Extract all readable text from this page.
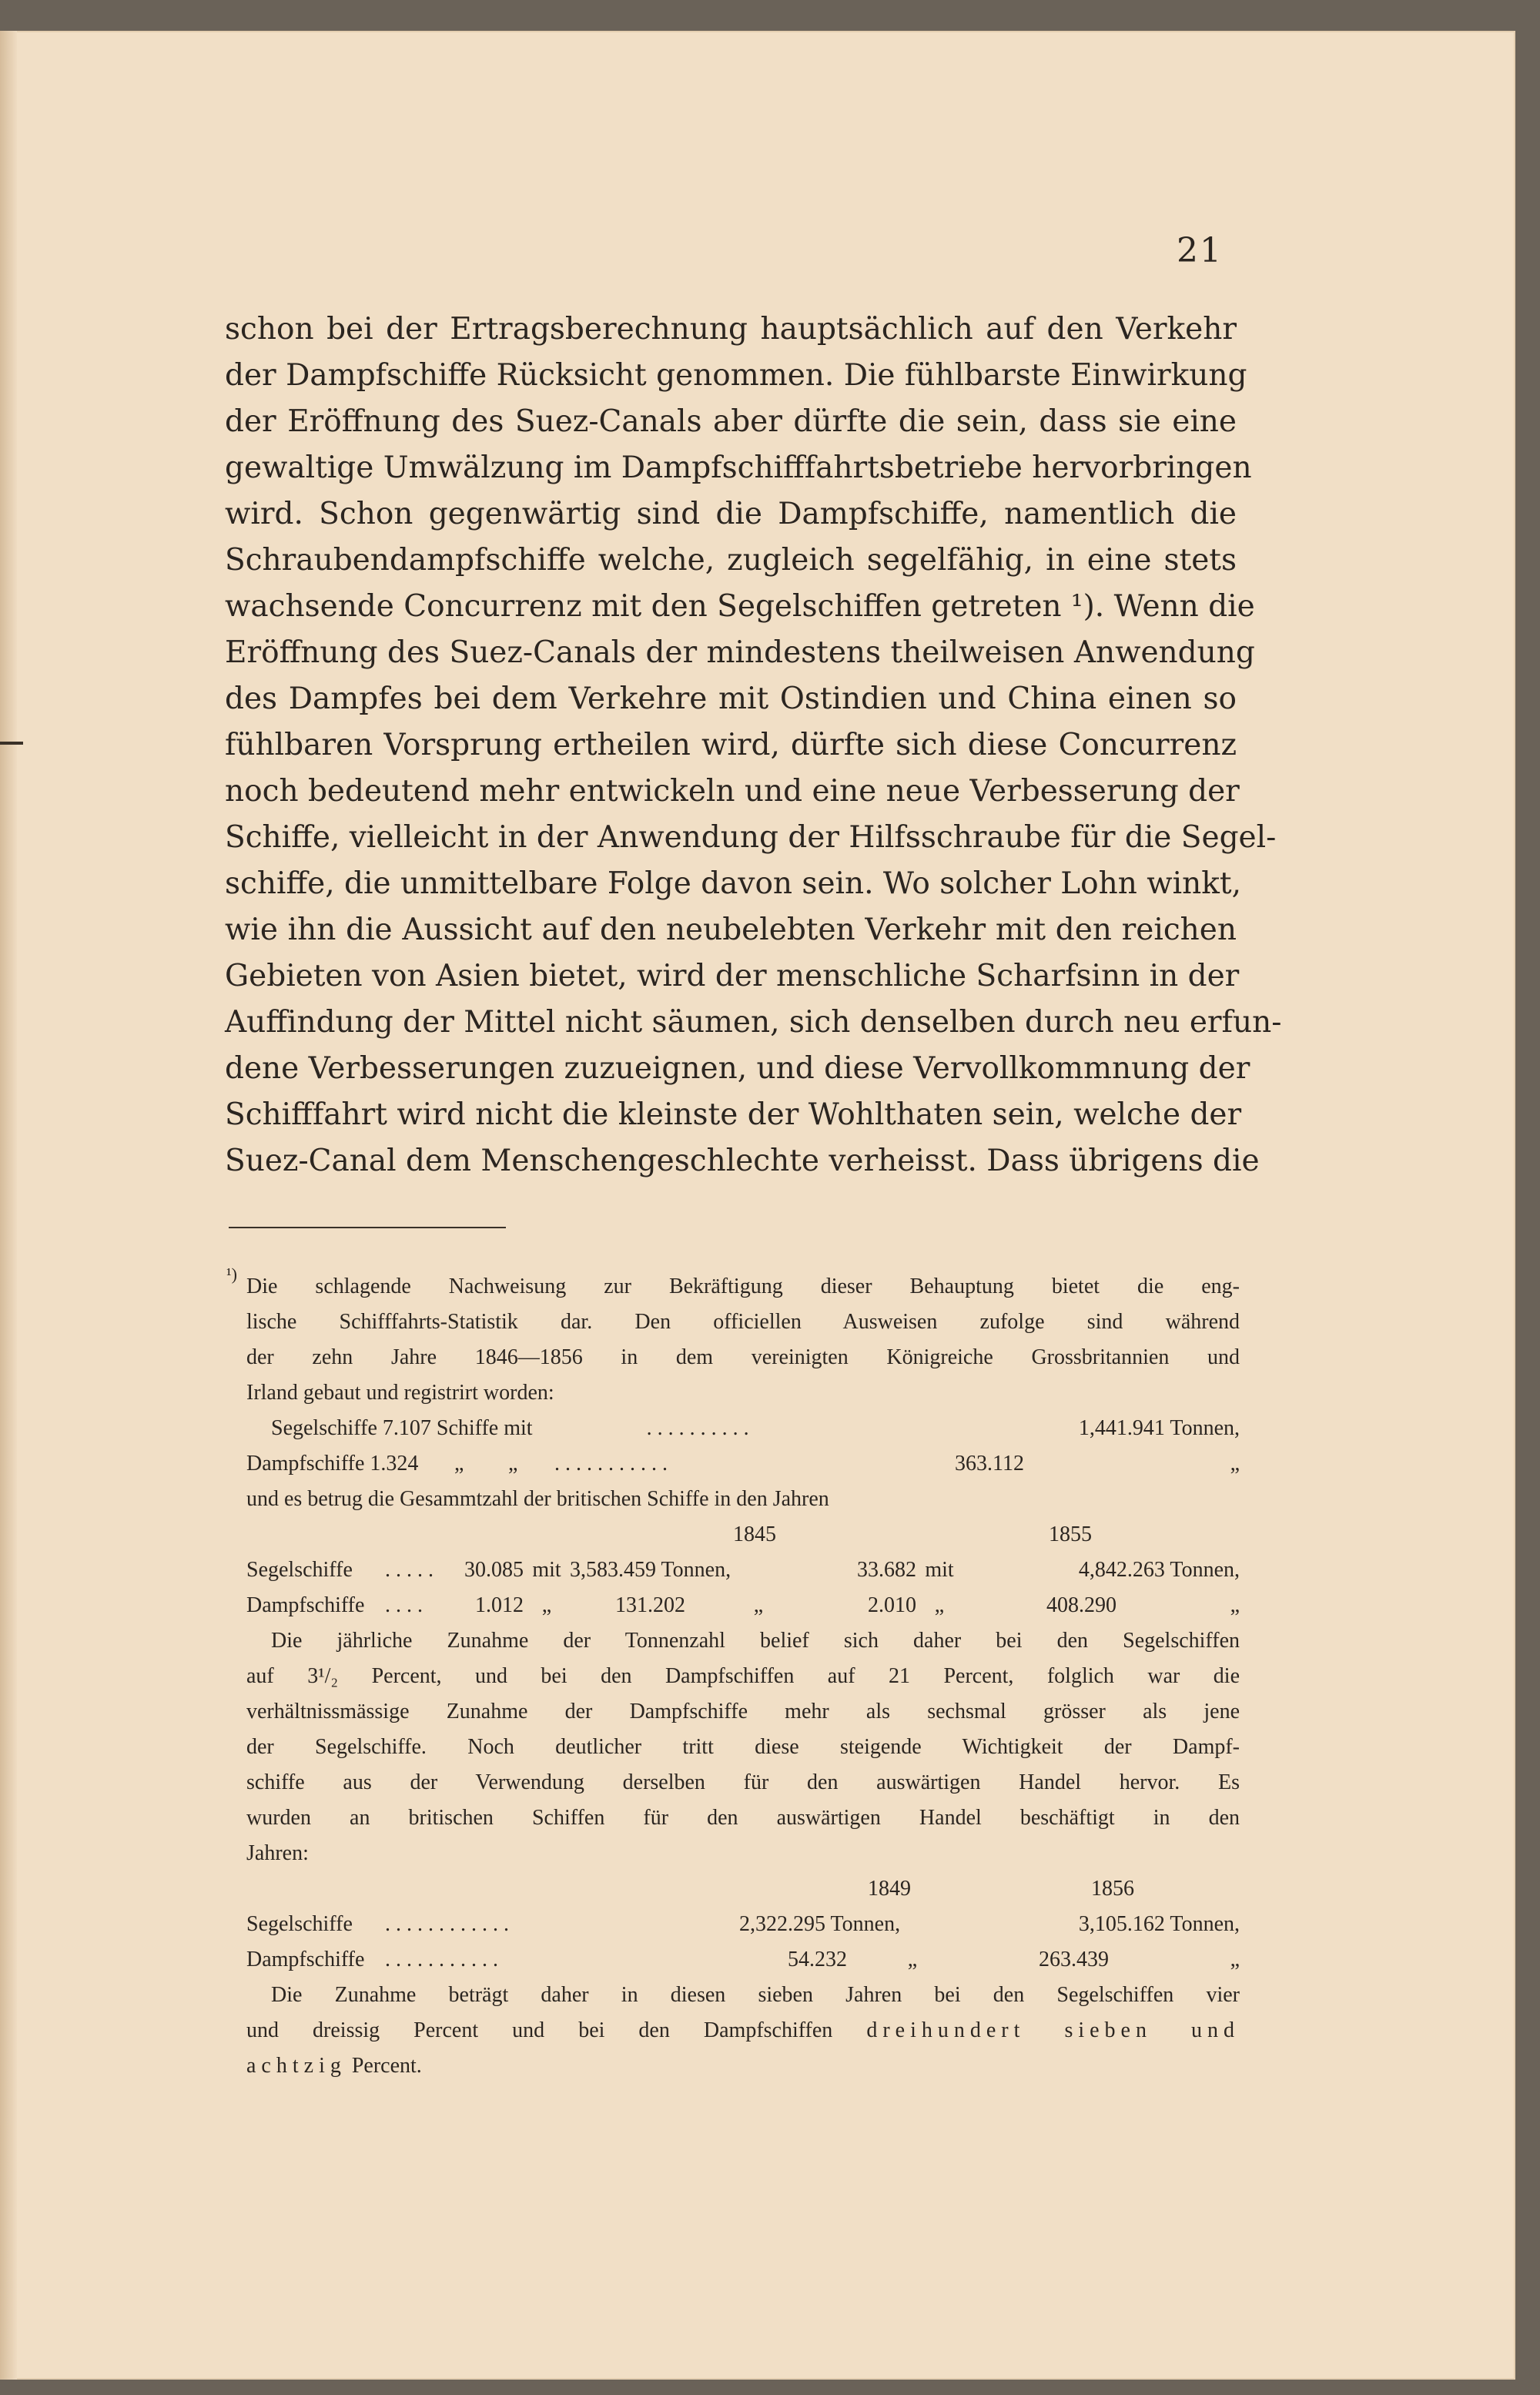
21
schon bei der Ertragsberechnung hauptsächlich auf den Verkehr
der Dampfschiffe Rücksicht genommen. Die fühlbarste Einwirkung
der Eröffnung des Suez-Canals aber dürfte die sein, dass sie eine
gewaltige Umwälzung im Dampfschifffahrtsbetriebe hervorbringen
wird. Schon gegenwärtig sind die Dampfschiffe, namentlich die
Schraubendampfschiffe welche, zugleich segelfähig, in eine stets
wachsende Concurrenz mit den Segelschiffen getreten ¹). Wenn die
Eröffnung des Suez-Canals der mindestens theilweisen Anwendung
des Dampfes bei dem Verkehre mit Ostindien und China einen so
fühlbaren Vorsprung ertheilen wird, dürfte sich diese Concurrenz
noch bedeutend mehr entwickeln und eine neue Verbesserung der
Schiffe, vielleicht in der Anwendung der Hilfsschraube für die Segel-
schiffe, die unmittelbare Folge davon sein. Wo solcher Lohn winkt,
wie ihn die Aussicht auf den neubelebten Verkehr mit den reichen
Gebieten von Asien bietet, wird der menschliche Scharfsinn in der
Auffindung der Mittel nicht säumen, sich denselben durch neu erfun-
dene Verbesserungen zuzueignen, und diese Vervollkommnung der
Schifffahrt wird nicht die kleinste der Wohlthaten sein, welche der
Suez-Canal dem Menschengeschlechte verheisst. Dass übrigens die
¹)
Die schlagende Nachweisung zur Bekräftigung dieser Behauptung bietet die eng-
lische Schifffahrts-Statistik dar. Den officiellen Ausweisen zufolge sind während
der zehn Jahre 1846—1856 in dem vereinigten Königreiche Grossbritannien und
Irland gebaut und registrirt worden:
Segelschiffe 7.107 Schiffe mit	. . . . . . . . . .	1,441.941 Tonnen,
Dampfschiffe 1.324	„	„	. . . . . . . . . . .	363.112	„
und es betrug die Gesammtzahl der britischen Schiffe in den Jahren
1845	1855
Segelschiffe	. . . . .	30.085 mit 3,583.459 Tonnen,	33.682 mit	4,842.263 Tonnen,
Dampfschiffe . . . .	1.012 „	131.202	„	2.010 „	408.290	„
Die jährliche Zunahme der Tonnenzahl belief sich daher bei den Segelschiffen
auf 3¹/₂ Percent, und bei den Dampfschiffen auf 21 Percent, folglich war die
verhältnissmässige Zunahme der Dampfschiffe mehr als sechsmal grösser als jene
der Segelschiffe. Noch deutlicher tritt diese steigende Wichtigkeit der Dampf-
schiffe aus der Verwendung derselben für den auswärtigen Handel hervor. Es
wurden an britischen Schiffen für den auswärtigen Handel beschäftigt in den
Jahren:
1849	1856
Segelschiffe	. . . . . . . . . . . .	2,322.295 Tonnen,	3,105.162 Tonnen,
Dampfschiffe . . . . . . . . . . .	54.232	„	263.439	„
Die Zunahme beträgt daher in diesen sieben Jahren bei den Segelschiffen vier
und dreissig Percent und bei den Dampfschiffen dreihundert sieben und
achtzig Percent.
